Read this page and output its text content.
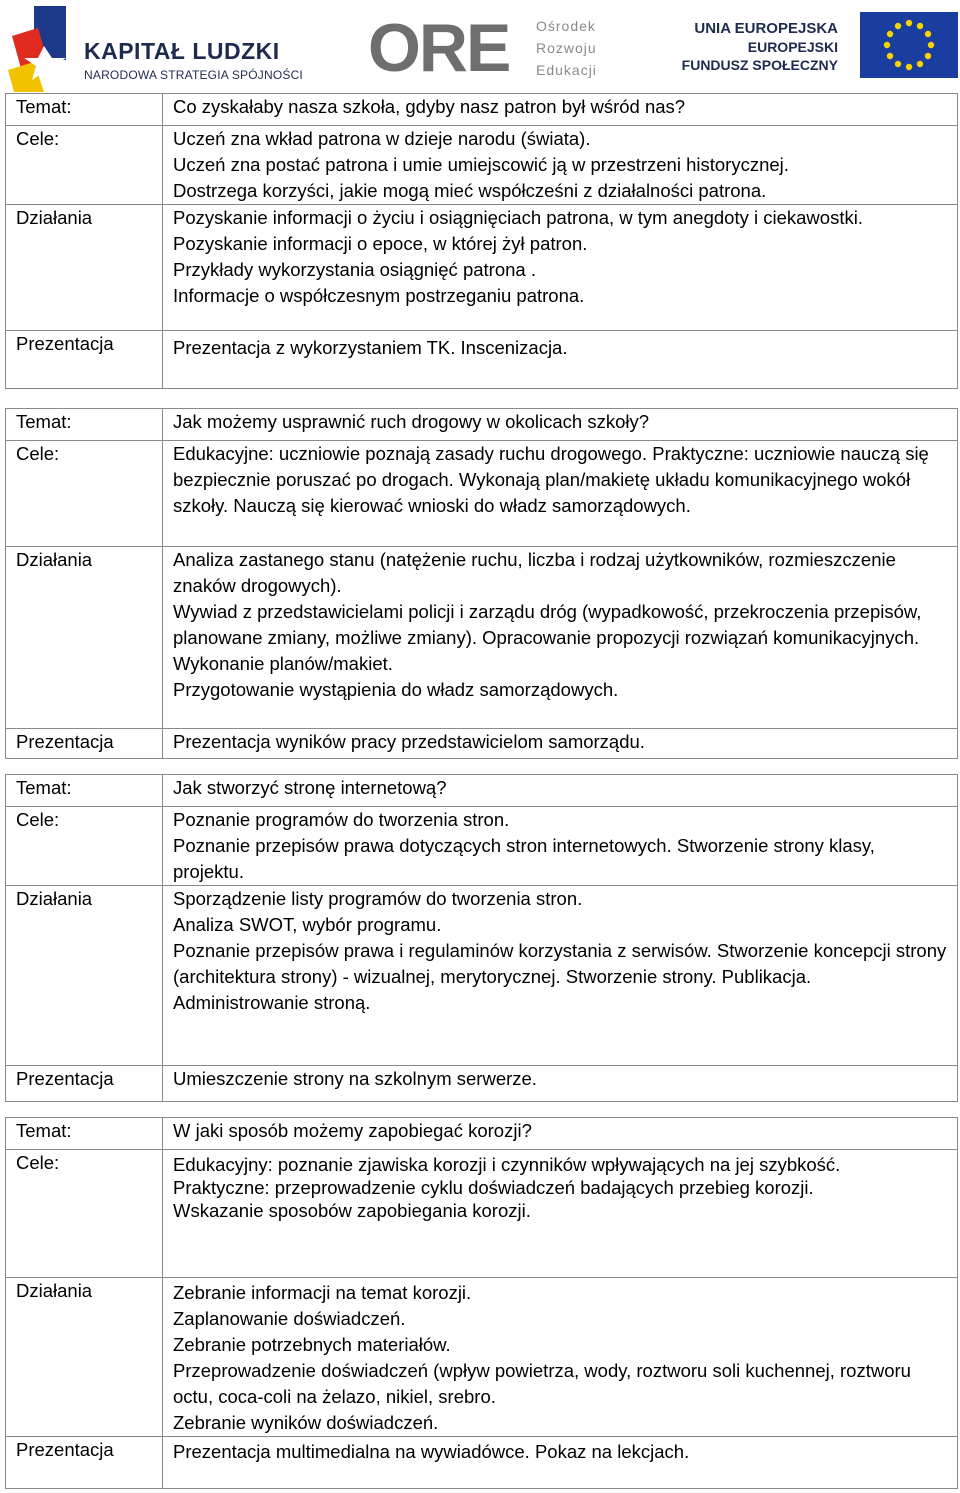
KAPITAŁ LUDZKI
NARODOWA STRATEGIA SPÓJNOŚCI ORE Ośrodek
Rozwoju
Edukacji
UNIA EUROPEJSKA
EUROPEJSKI
FUNDUSZ SPOŁECZNY
Temat:	Co zyskałaby nasza szkoła, gdyby nasz patron był wśród nas?

Cele:	Uczeń zna wkład patrona w dzieje narodu (świata).
Uczeń zna postać patrona i umie umiejscowić ją w przestrzeni historycznej.
Dostrzega korzyści, jakie mogą mieć współcześni z działalności patrona.

Działania	Pozyskanie informacji o życiu i osiągnięciach patrona, w tym anegdoty i ciekawostki.
Pozyskanie informacji o epoce, w której żył patron.
Przykłady wykorzystania osiągnięć patrona .
Informacje o współczesnym postrzeganiu patrona.

Prezentacja	Prezentacja z wykorzystaniem TK. Inscenizacja.
Temat:	Jak możemy usprawnić ruch drogowy w okolicach szkoły?

Cele:	Edukacyjne: uczniowie poznają zasady ruchu drogowego. Praktyczne: uczniowie nauczą się bezpiecznie poruszać po drogach. Wykonają plan/makietę układu komunikacyjnego wokół szkoły. Nauczą się kierować wnioski do władz samorządowych.

Działania	Analiza zastanego stanu (natężenie ruchu, liczba i rodzaj użytkowników, rozmieszczenie znaków drogowych).
Wywiad z przedstawicielami policji i zarządu dróg (wypadkowość, przekroczenia przepisów, planowane zmiany, możliwe zmiany). Opracowanie propozycji rozwiązań komunikacyjnych.
Wykonanie planów/makiet.
Przygotowanie wystąpienia do władz samorządowych.

Prezentacja	Prezentacja wyników pracy przedstawicielom samorządu.
Temat:	Jak stworzyć stronę internetową?

Cele:	Poznanie programów do tworzenia stron.
Poznanie przepisów prawa dotyczących stron internetowych. Stworzenie strony klasy, projektu.

Działania	Sporządzenie listy programów do tworzenia stron.
Analiza SWOT, wybór programu.
Poznanie przepisów prawa i regulaminów korzystania z serwisów. Stworzenie koncepcji strony (architektura strony) - wizualnej, merytorycznej. Stworzenie strony. Publikacja.
Administrowanie stroną.

Prezentacja	Umieszczenie strony na szkolnym serwerze.
Temat:	W jaki sposób możemy zapobiegać korozji?

Cele:	Edukacyjny: poznanie zjawiska korozji i czynników wpływających na jej szybkość.
Praktyczne: przeprowadzenie cyklu doświadczeń badających przebieg korozji.
Wskazanie sposobów zapobiegania korozji.

Działania	Zebranie informacji na temat korozji.
Zaplanowanie doświadczeń.
Zebranie potrzebnych materiałów.
Przeprowadzenie doświadczeń (wpływ powietrza, wody, roztworu soli kuchennej, roztworu octu, coca-coli na żelazo, nikiel, srebro.
Zebranie wyników doświadczeń.

Prezentacja	Prezentacja multimedialna na wywiadówce. Pokaz na lekcjach.
